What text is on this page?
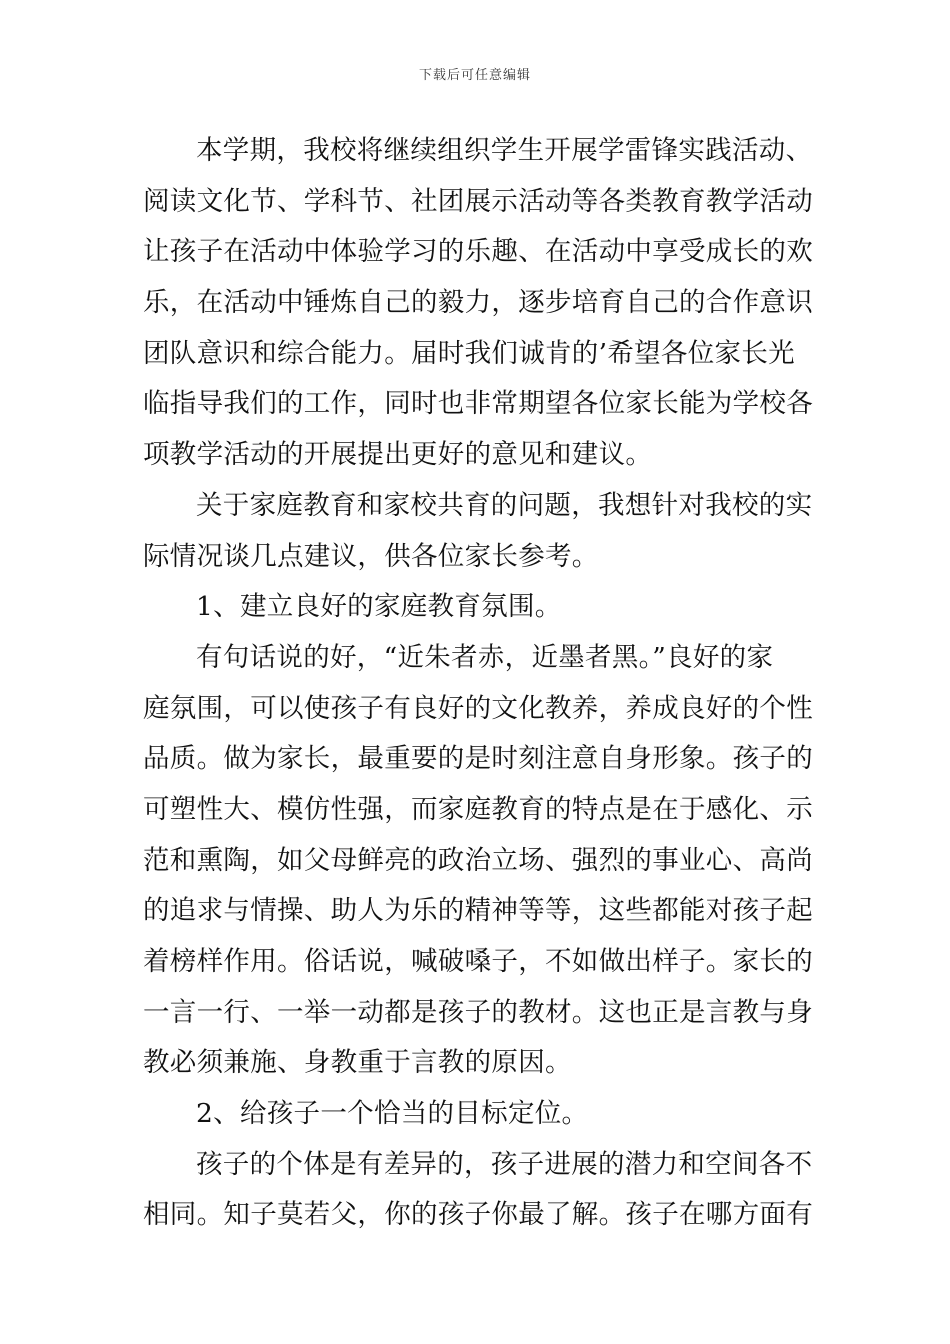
下载后可任意编辑
本学期，我校将继续组织学生开展学雷锋实践活动、
阅读文化节、学科节、社团展示活动等各类教育教学活动
让孩子在活动中体验学习的乐趣、在活动中享受成长的欢
乐，在活动中锤炼自己的毅力，逐步培育自己的合作意识
团队意识和综合能力。届时我们诚肯的’希望各位家长光
临指导我们的工作，同时也非常期望各位家长能为学校各
项教学活动的开展提出更好的意见和建议。
关于家庭教育和家校共育的问题，我想针对我校的实
际情况谈几点建议，供各位家长参考。
1、建立良好的家庭教育氛围。
有句话说的好，“近朱者赤，近墨者黑。”良好的家
庭氛围，可以使孩子有良好的文化教养，养成良好的个性
品质。做为家长，最重要的是时刻注意自身形象。孩子的
可塑性大、模仿性强，而家庭教育的特点是在于感化、示
范和熏陶，如父母鲜亮的政治立场、强烈的事业心、高尚
的追求与情操、助人为乐的精神等等，这些都能对孩子起
着榜样作用。俗话说，喊破嗓子，不如做出样子。家长的
一言一行、一举一动都是孩子的教材。这也正是言教与身
教必须兼施、身教重于言教的原因。
2、给孩子一个恰当的目标定位。
孩子的个体是有差异的，孩子进展的潜力和空间各不
相同。知子莫若父，你的孩子你最了解。孩子在哪方面有
